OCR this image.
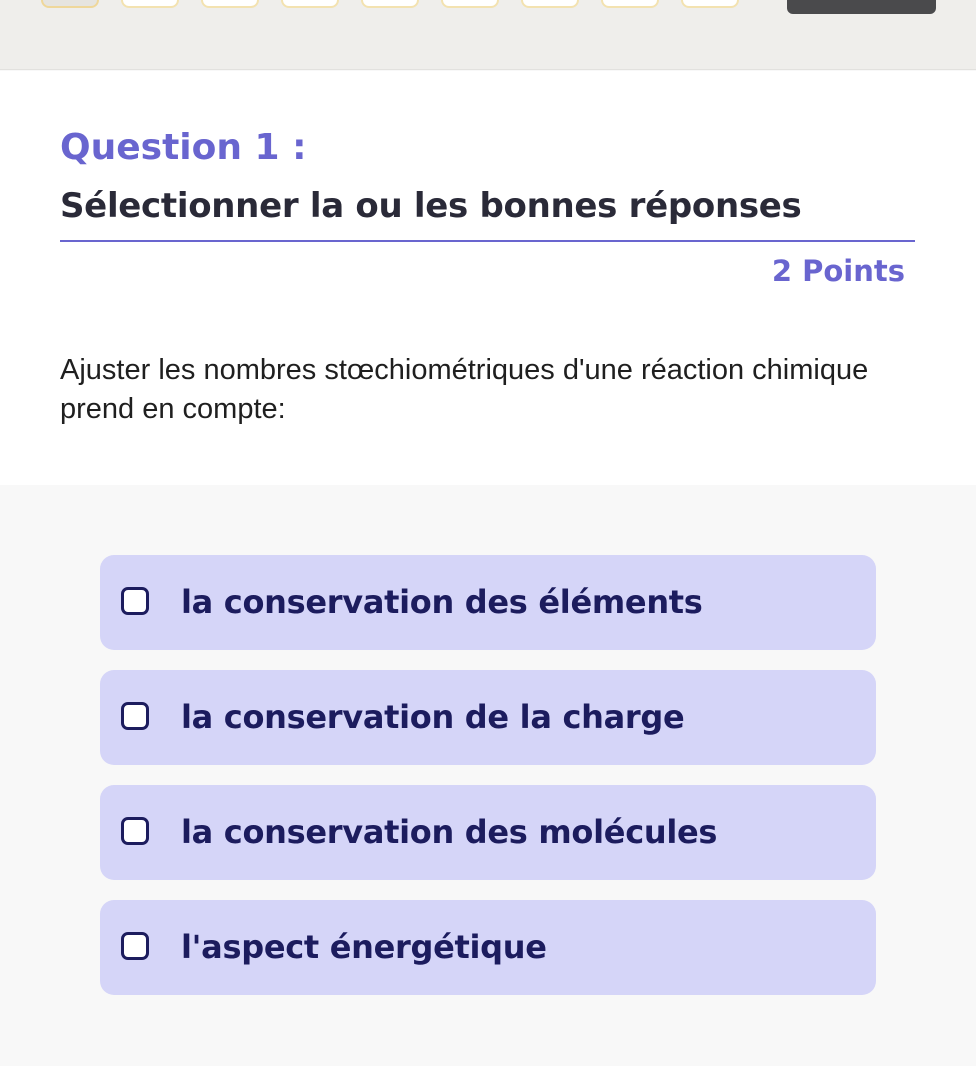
Question 1 :
Sélectionner la ou les bonnes réponses
2 Points

Ajuster les nombres stœchiométriques d'une réaction chimique prend en compte:

la conservation des éléments
la conservation de la charge
la conservation des molécules
l'aspect énergétique
